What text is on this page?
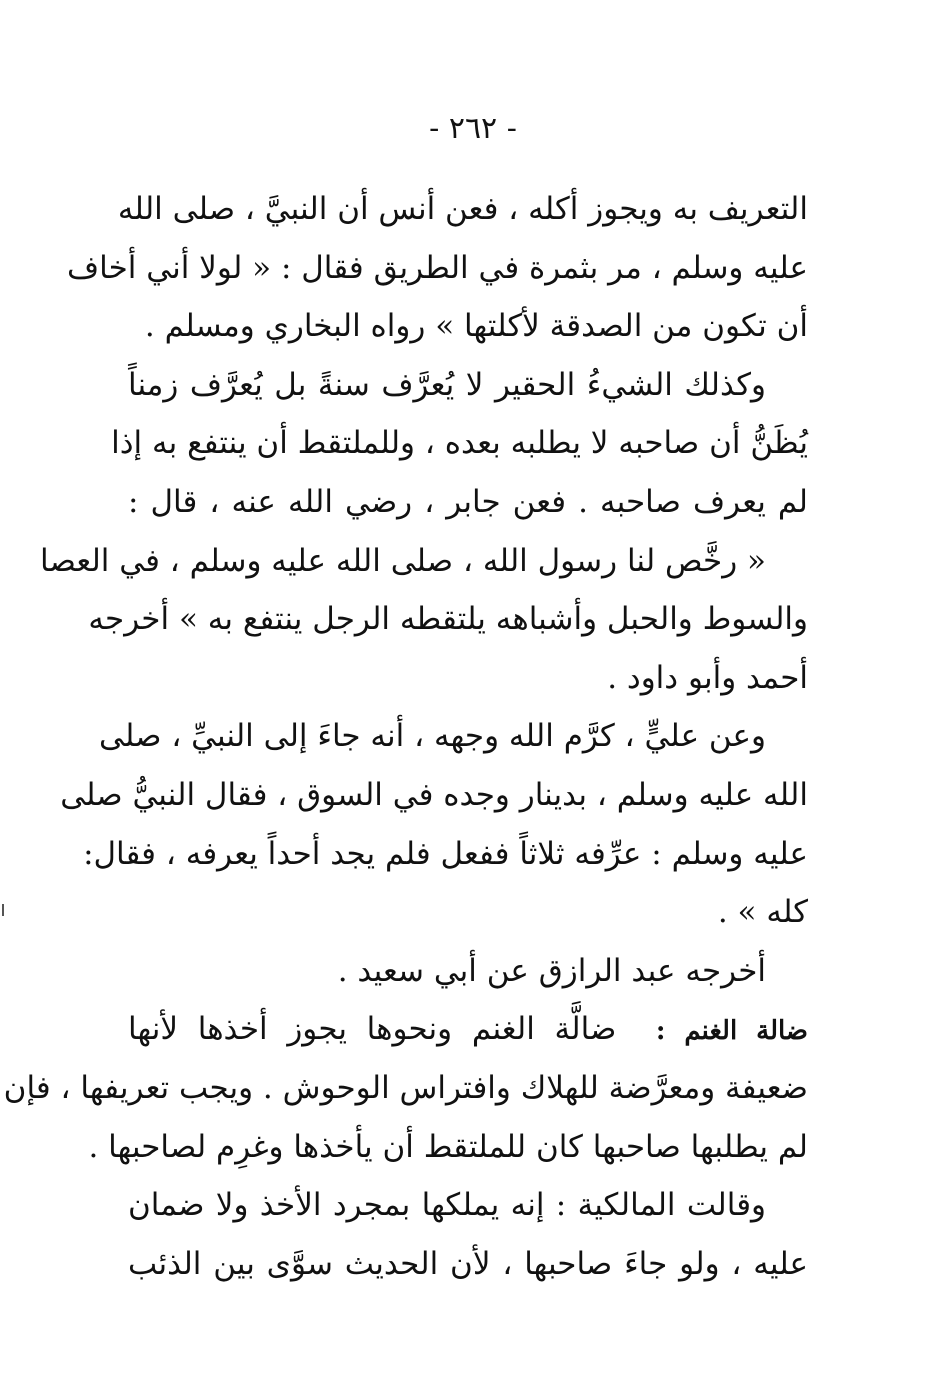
- ٢٦٢ -
التعريف به ويجوز أكله ، فعن أنس أن النبيَّ ، صلى الله
عليه وسلم ، مر بثمرة في الطريق فقال : « لولا أني أخاف
أن تكون من الصدقة لأكلتها » رواه البخاري ومسلم .
وكذلك الشيءُ الحقير لا يُعرَّف سنةً بل يُعرَّف زمناً
يُظَنُّ أن صاحبه لا يطلبه بعده ، وللملتقط أن ينتفع به إذا
لم يعرف صاحبه . فعن جابر ، رضي الله عنه ، قال :
« رخَّص لنا رسول الله ، صلى الله عليه وسلم ، في العصا
والسوط والحبل وأشباهه يلتقطه الرجل ينتفع به » أخرجه
أحمد وأبو داود .
وعن عليٍّ ، كرَّم الله وجهه ، أنه جاءَ إلى النبيِّ ، صلى
الله عليه وسلم ، بدينار وجده في السوق ، فقال النبيُّ صلى
عليه وسلم : عرِّفه ثلاثاً ففعل فلم يجد أحداً يعرفه ، فقال:
كله » .
أخرجه عبد الرازق عن أبي سعيد .
ضالة الغنم :  ضالَّة الغنم ونحوها يجوز أخذها لأنها
ضعيفة ومعرَّضة للهلاك وافتراس الوحوش . ويجب تعريفها ، فإن
لم يطلبها صاحبها كان للملتقط أن يأخذها وغرِم لصاحبها .
وقالت المالكية : إنه يملكها بمجرد الأخذ ولا ضمان
عليه ، ولو جاءَ صاحبها ، لأن الحديث سوَّى بين الذئب
